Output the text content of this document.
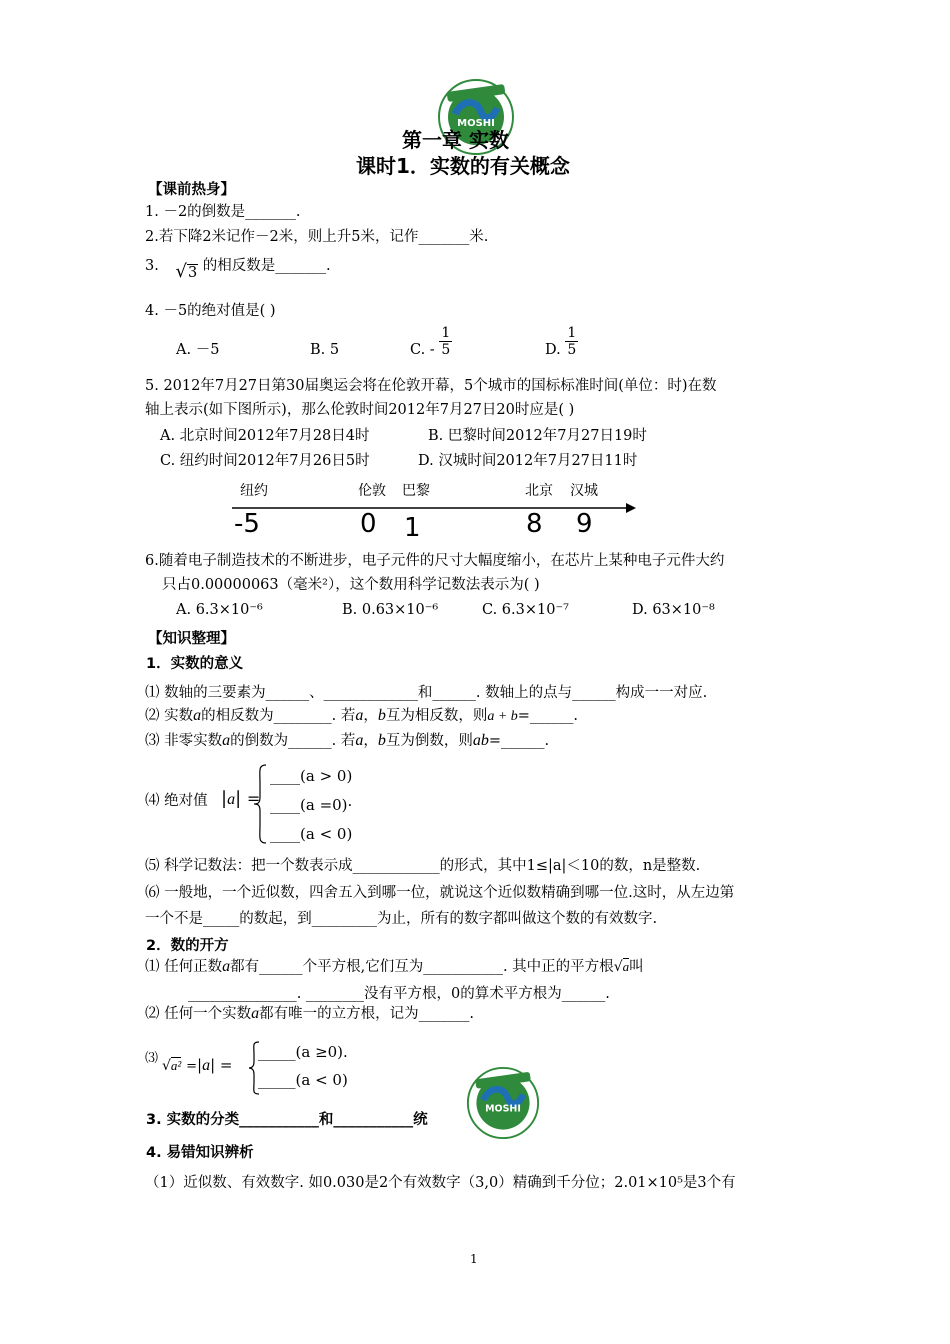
MOSHI
第一章 实数
课时1．实数的有关概念
【课前热身】
1. －2的倒数是_______.
2.若下降2米记作－2米，则上升5米，记作_______米.
3. √3 的相反数是_______.
4. －5的绝对值是( )
A. －5	B. 5	C. - $\frac{1}{5}$	D. $\frac{1}{5}$
5. 2012年7月27日第30届奥运会将在伦敦开幕，5个城市的国标标准时间(单位：时)在数
轴上表示(如下图所示)，那么伦敦时间2012年7月27日20时应是( )
A. 北京时间2012年7月28日4时	B. 巴黎时间2012年7月27日19时
C. 纽约时间2012年7月26日5时	D. 汉城时间2012年7月27日11时
纽约	伦敦 巴黎	北京 汉城
-5	0 1	8 9
6.随着电子制造技术的不断进步，电子元件的尺寸大幅度缩小，在芯片上某种电子元件大约
只占0.00000063（毫米²），这个数用科学记数法表示为( )
A. 6.3×10⁻⁶	B. 0.63×10⁻⁶	C. 6.3×10⁻⁷	D. 63×10⁻⁸
【知识整理】
1．实数的意义
⑴ 数轴的三要素为______、_____________和______. 数轴上的点与______构成一一对应.
⑵ 实数a的相反数为________. 若a，b互为相反数，则a + b=______.
⑶ 非零实数a的倒数为______. 若a，b互为倒数，则ab=______.
⑷ 绝对值 |a| =
____(a > 0)
____(a =0)·
____(a < 0)
⑸ 科学记数法：把一个数表示成____________的形式，其中1≤|a|＜10的数，n是整数.
⑹ 一般地，一个近似数，四舍五入到哪一位，就说这个近似数精确到哪一位.这时，从左边第
一个不是_____的数起，到_________为止，所有的数字都叫做这个数的有效数字.
2．数的开方
⑴ 任何正数a都有______个平方根,它们互为___________. 其中正的平方根√a叫
_______________. ________没有平方根，0的算术平方根为______.
⑵ 任何一个实数a都有唯一的立方根，记为_______.
⑶ √a² =|a| =
_____(a ≥0).
_____(a < 0)
MOSHI
3. 实数的分类___________和___________统
4. 易错知识辨析
（1）近似数、有效数字. 如0.030是2个有效数字（3,0）精确到千分位；2.01×10⁵是3个有
1
